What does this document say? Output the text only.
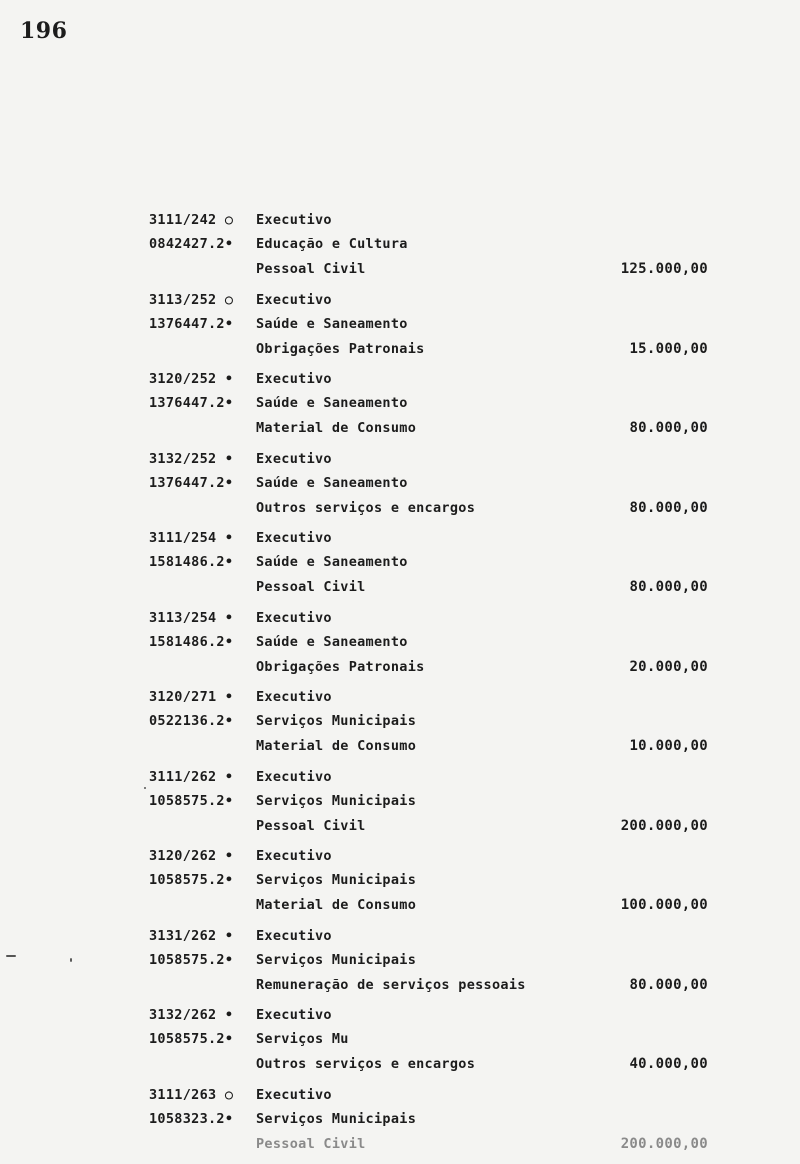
196
3111/242 ○	Executivo
0842427.2•	Educação e Cultura
Pessoal Civil	125.000,00
3113/252 ○	Executivo
1376447.2•	Saúde e Saneamento
Obrigações Patronais	15.000,00
3120/252 •	Executivo
1376447.2•	Saúde e Saneamento
Material de Consumo	80.000,00
3132/252 •	Executivo
1376447.2•	Saúde e Saneamento
Outros serviços e encargos	80.000,00
3111/254 •	Executivo
1581486.2•	Saúde e Saneamento
Pessoal Civil	80.000,00
3113/254 •	Executivo
1581486.2•	Saúde e Saneamento
Obrigações Patronais	20.000,00
3120/271 •	Executivo
0522136.2•	Serviços Municipais
Material de Consumo	10.000,00
3111/262 •	Executivo
1058575.2•	Serviços Municipais
Pessoal Civil	200.000,00
3120/262 •	Executivo
1058575.2•	Serviços Municipais
Material de Consumo	100.000,00
3131/262 •	Executivo
1058575.2•	Serviços Municipais
Remuneração de serviços pessoais	80.000,00
3132/262 •	Executivo
1058575.2•	Serviços Mu
Outros serviços e encargos	40.000,00
3111/263 ○	Executivo
1058323.2•	Serviços Municipais
Pessoal Civil	200.000,00
